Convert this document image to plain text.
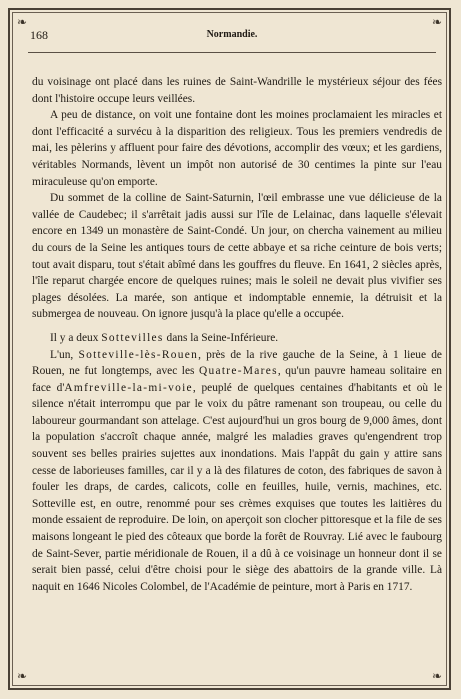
❧	❧
❧	❧
168	Normandie.

du voisinage ont placé dans les ruines de Saint-Wandrille le mystérieux séjour des fées dont l'histoire occupe leurs veillées.

A peu de distance, on voit une fontaine dont les moines proclamaient les miracles et dont l'efficacité a survécu à la disparition des religieux. Tous les premiers vendredis de mai, les pèlerins y affluent pour faire des dévotions, accomplir des vœux; et les gardiens, véritables Normands, lèvent un impôt non autorisé de 30 centimes la pinte sur l'eau miraculeuse qu'on emporte.

Du sommet de la colline de Saint-Saturnin, l'œil embrasse une vue délicieuse de la vallée de Caudebec; il s'arrêtait jadis aussi sur l'île de Lelainac, dans laquelle s'élevait encore en 1349 un monastère de Saint-Condé. Un jour, on chercha vainement au milieu du cours de la Seine les antiques tours de cette abbaye et sa riche ceinture de bois verts; tout avait disparu, tout s'était abîmé dans les gouffres du fleuve. En 1641, 2 siècles après, l'île reparut chargée encore de quelques ruines; mais le soleil ne devait plus vivifier ses plages désolées. La marée, son antique et indomptable ennemie, la détruisit et la submergea de nouveau. On ignore jusqu'à la place qu'elle a occupée.

Il y a deux Sottevilles dans la Seine-Inférieure.

L'un, Sotteville-lès-Rouen, près de la rive gauche de la Seine, à 1 lieue de Rouen, ne fut longtemps, avec les Quatre-Mares, qu'un pauvre hameau solitaire en face d'Amfreville-la-mi-voie, peuplé de quelques centaines d'habitants et où le silence n'était interrompu que par le voix du pâtre ramenant son troupeau, ou celle du laboureur gourmandant son attelage. C'est aujourd'hui un gros bourg de 9,000 âmes, dont la population s'accroît chaque année, malgré les maladies graves qu'engendrent trop souvent ses belles prairies sujettes aux inondations. Mais l'appât du gain y attire sans cesse de laborieuses familles, car il y a là des filatures de coton, des fabriques de savon à fouler les draps, de cardes, calicots, colle en feuilles, huile, vernis, machines, etc. Sotteville est, en outre, renommé pour ses crèmes exquises que toutes les laitières du monde essaient de reproduire. De loin, on aperçoit son clocher pittoresque et la file de ses maisons longeant le pied des côteaux que borde la forêt de Rouvray. Lié avec le faubourg de Saint-Sever, partie méridionale de Rouen, il a dû à ce voisinage un honneur dont il se serait bien passé, celui d'être choisi pour le siège des abattoirs de la grande ville. Là naquit en 1646 Nicoles Colombel, de l'Académie de peinture, mort à Paris en 1717.
